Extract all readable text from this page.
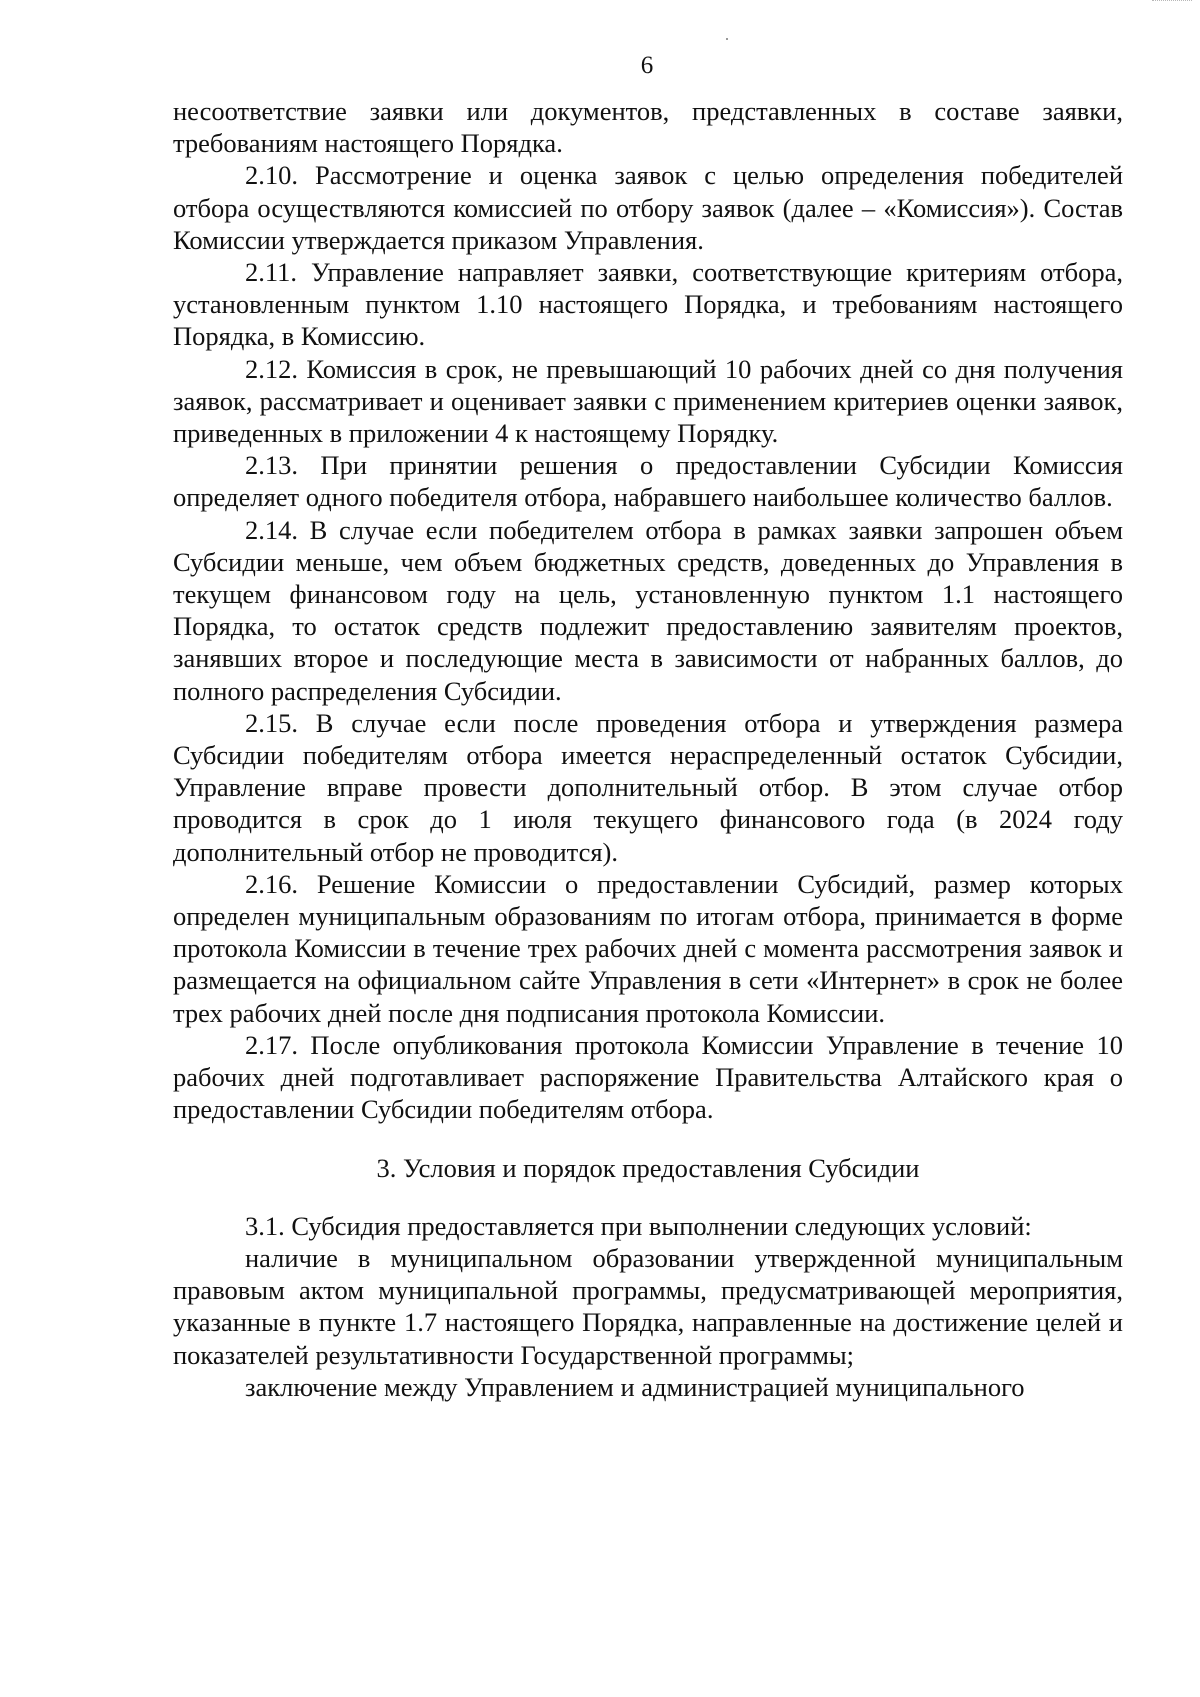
6

несоответствие заявки или документов, представленных в составе заявки, требованиям настоящего Порядка.

2.10. Рассмотрение и оценка заявок с целью определения победителей отбора осуществляются комиссией по отбору заявок (далее – «Комиссия»). Состав Комиссии утверждается приказом Управления.

2.11. Управление направляет заявки, соответствующие критериям отбора, установленным пунктом 1.10 настоящего Порядка, и требованиям настоящего Порядка, в Комиссию.

2.12. Комиссия в срок, не превышающий 10 рабочих дней со дня получения заявок, рассматривает и оценивает заявки с применением критериев оценки заявок, приведенных в приложении 4 к настоящему Порядку.

2.13. При принятии решения о предоставлении Субсидии Комиссия определяет одного победителя отбора, набравшего наибольшее количество баллов.

2.14. В случае если победителем отбора в рамках заявки запрошен объем Субсидии меньше, чем объем бюджетных средств, доведенных до Управления в текущем финансовом году на цель, установленную пунктом 1.1 настоящего Порядка, то остаток средств подлежит предоставлению заявителям проектов, занявших второе и последующие места в зависимости от набранных баллов, до полного распределения Субсидии.

2.15. В случае если после проведения отбора и утверждения размера Субсидии победителям отбора имеется нераспределенный остаток Субсидии, Управление вправе провести дополнительный отбор. В этом случае отбор проводится в срок до 1 июля текущего финансового года (в 2024 году дополнительный отбор не проводится).

2.16. Решение Комиссии о предоставлении Субсидий, размер которых определен муниципальным образованиям по итогам отбора, принимается в форме протокола Комиссии в течение трех рабочих дней с момента рассмотрения заявок и размещается на официальном сайте Управления в сети «Интернет» в срок не более трех рабочих дней после дня подписания протокола Комиссии.

2.17. После опубликования протокола Комиссии Управление в течение 10 рабочих дней подготавливает распоряжение Правительства Алтайского края о предоставлении Субсидии победителям отбора.

3. Условия и порядок предоставления Субсидии

3.1. Субсидия предоставляется при выполнении следующих условий:

наличие в муниципальном образовании утвержденной муниципальным правовым актом муниципальной программы, предусматривающей мероприятия, указанные в пункте 1.7 настоящего Порядка, направленные на достижение целей и показателей результативности Государственной программы;

заключение между Управлением и администрацией муниципального
